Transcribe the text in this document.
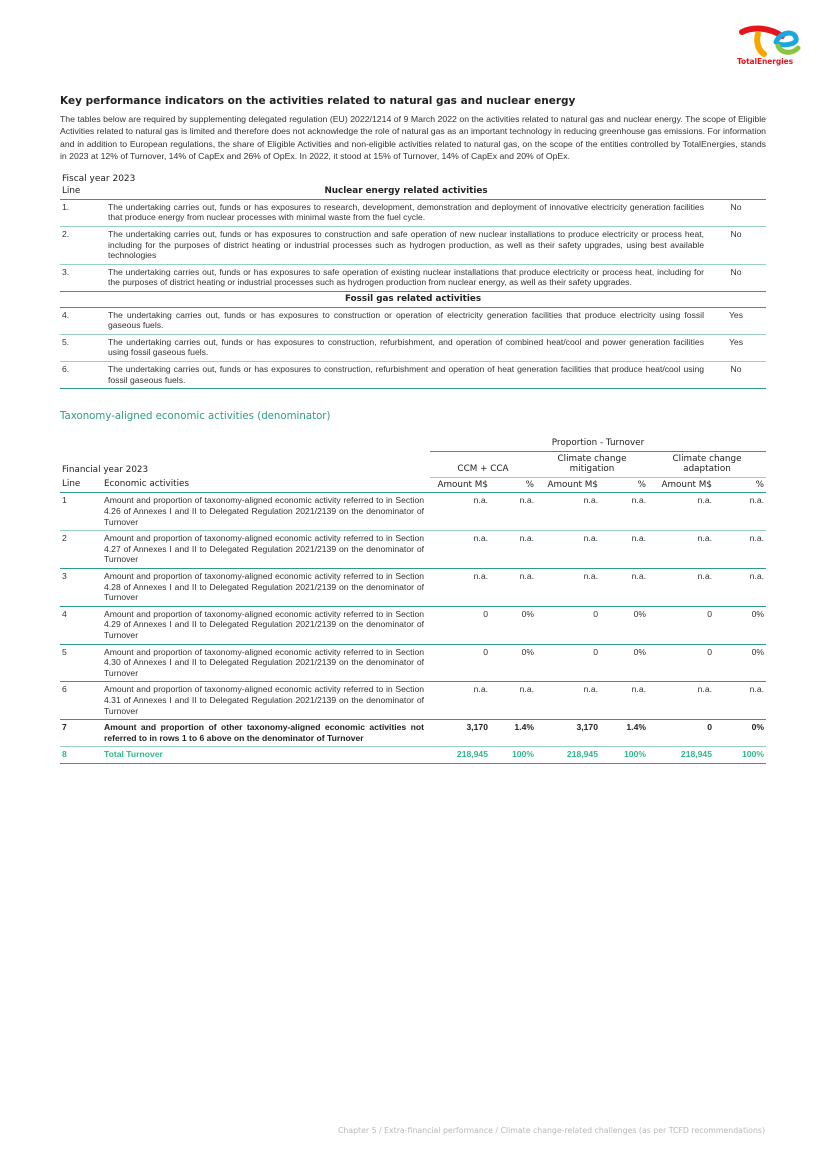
TotalEnergies
Key performance indicators on the activities related to natural gas and nuclear energy

The tables below are required by supplementing delegated regulation (EU) 2022/1214 of 9 March 2022 on the activities related to natural gas and nuclear energy. The scope of Eligible Activities related to natural gas is limited and therefore does not acknowledge the role of natural gas as an important technology in reducing greenhouse gas emissions. For information and in addition to European regulations, the share of Eligible Activities and non-eligible activities related to natural gas, on the scope of the entities controlled by TotalEnergies, stands in 2023 at 12% of Turnover, 14% of CapEx and 26% of OpEx. In 2022, it stood at 15% of Turnover, 14% of CapEx and 20% of OpEx.

Fiscal year 2023
Line	Nuclear energy related activities	
1.	The undertaking carries out, funds or has exposures to research, development, demonstration and deployment of innovative electricity generation facilities that produce energy from nuclear processes with minimal waste from the fuel cycle.	No
2.	The undertaking carries out, funds or has exposures to construction and safe operation of new nuclear installations to produce electricity or process heat, including for the purposes of district heating or industrial processes such as hydrogen production, as well as their safety upgrades, using best available technologies	No
3.	The undertaking carries out, funds or has exposures to safe operation of existing nuclear installations that produce electricity or process heat, including for the purposes of district heating or industrial processes such as hydrogen production from nuclear energy, as well as their safety upgrades.	No
Fossil gas related activities		
4.	The undertaking carries out, funds or has exposures to construction or operation of electricity generation facilities that produce electricity using fossil gaseous fuels.	Yes
5.	The undertaking carries out, funds or has exposures to construction, refurbishment, and operation of combined heat/cool and power generation facilities using fossil gaseous fuels.	Yes
6.	The undertaking carries out, funds or has exposures to construction, refurbishment and operation of heat generation facilities that produce heat/cool using fossil gaseous fuels.	No
Taxonomy-aligned economic activities (denominator)
		Proportion - Turnover					
Financial year 2023		CCM + CCA		Climate change mitigation		Climate change adaptation	
Line	Economic activities	Amount M$	%	Amount M$	%	Amount M$	%
1	Amount and proportion of taxonomy-aligned economic activity referred to in Section 4.26 of Annexes I and II to Delegated Regulation 2021/2139 on the denominator of Turnover	n.a.	n.a.	n.a.	n.a.	n.a.	n.a.
2	Amount and proportion of taxonomy-aligned economic activity referred to in Section 4.27 of Annexes I and II to Delegated Regulation 2021/2139 on the denominator of Turnover	n.a.	n.a.	n.a.	n.a.	n.a.	n.a.
3	Amount and proportion of taxonomy-aligned economic activity referred to in Section 4.28 of Annexes I and II to Delegated Regulation 2021/2139 on the denominator of Turnover	n.a.	n.a.	n.a.	n.a.	n.a.	n.a.
4	Amount and proportion of taxonomy-aligned economic activity referred to in Section 4.29 of Annexes I and II to Delegated Regulation 2021/2139 on the denominator of Turnover	0	0%	0	0%	0	0%
5	Amount and proportion of taxonomy-aligned economic activity referred to in Section 4.30 of Annexes I and II to Delegated Regulation 2021/2139 on the denominator of Turnover	0	0%	0	0%	0	0%
6	Amount and proportion of taxonomy-aligned economic activity referred to in Section 4.31 of Annexes I and II to Delegated Regulation 2021/2139 on the denominator of Turnover	n.a.	n.a.	n.a.	n.a.	n.a.	n.a.
7	Amount and proportion of other taxonomy-aligned economic activities not referred to in rows 1 to 6 above on the denominator of Turnover	3,170	1.4%	3,170	1.4%	0	0%
8	Total Turnover	218,945	100%	218,945	100%	218,945	100%
Chapter 5 / Extra-financial performance / Climate change-related challenges (as per TCFD recommendations)
